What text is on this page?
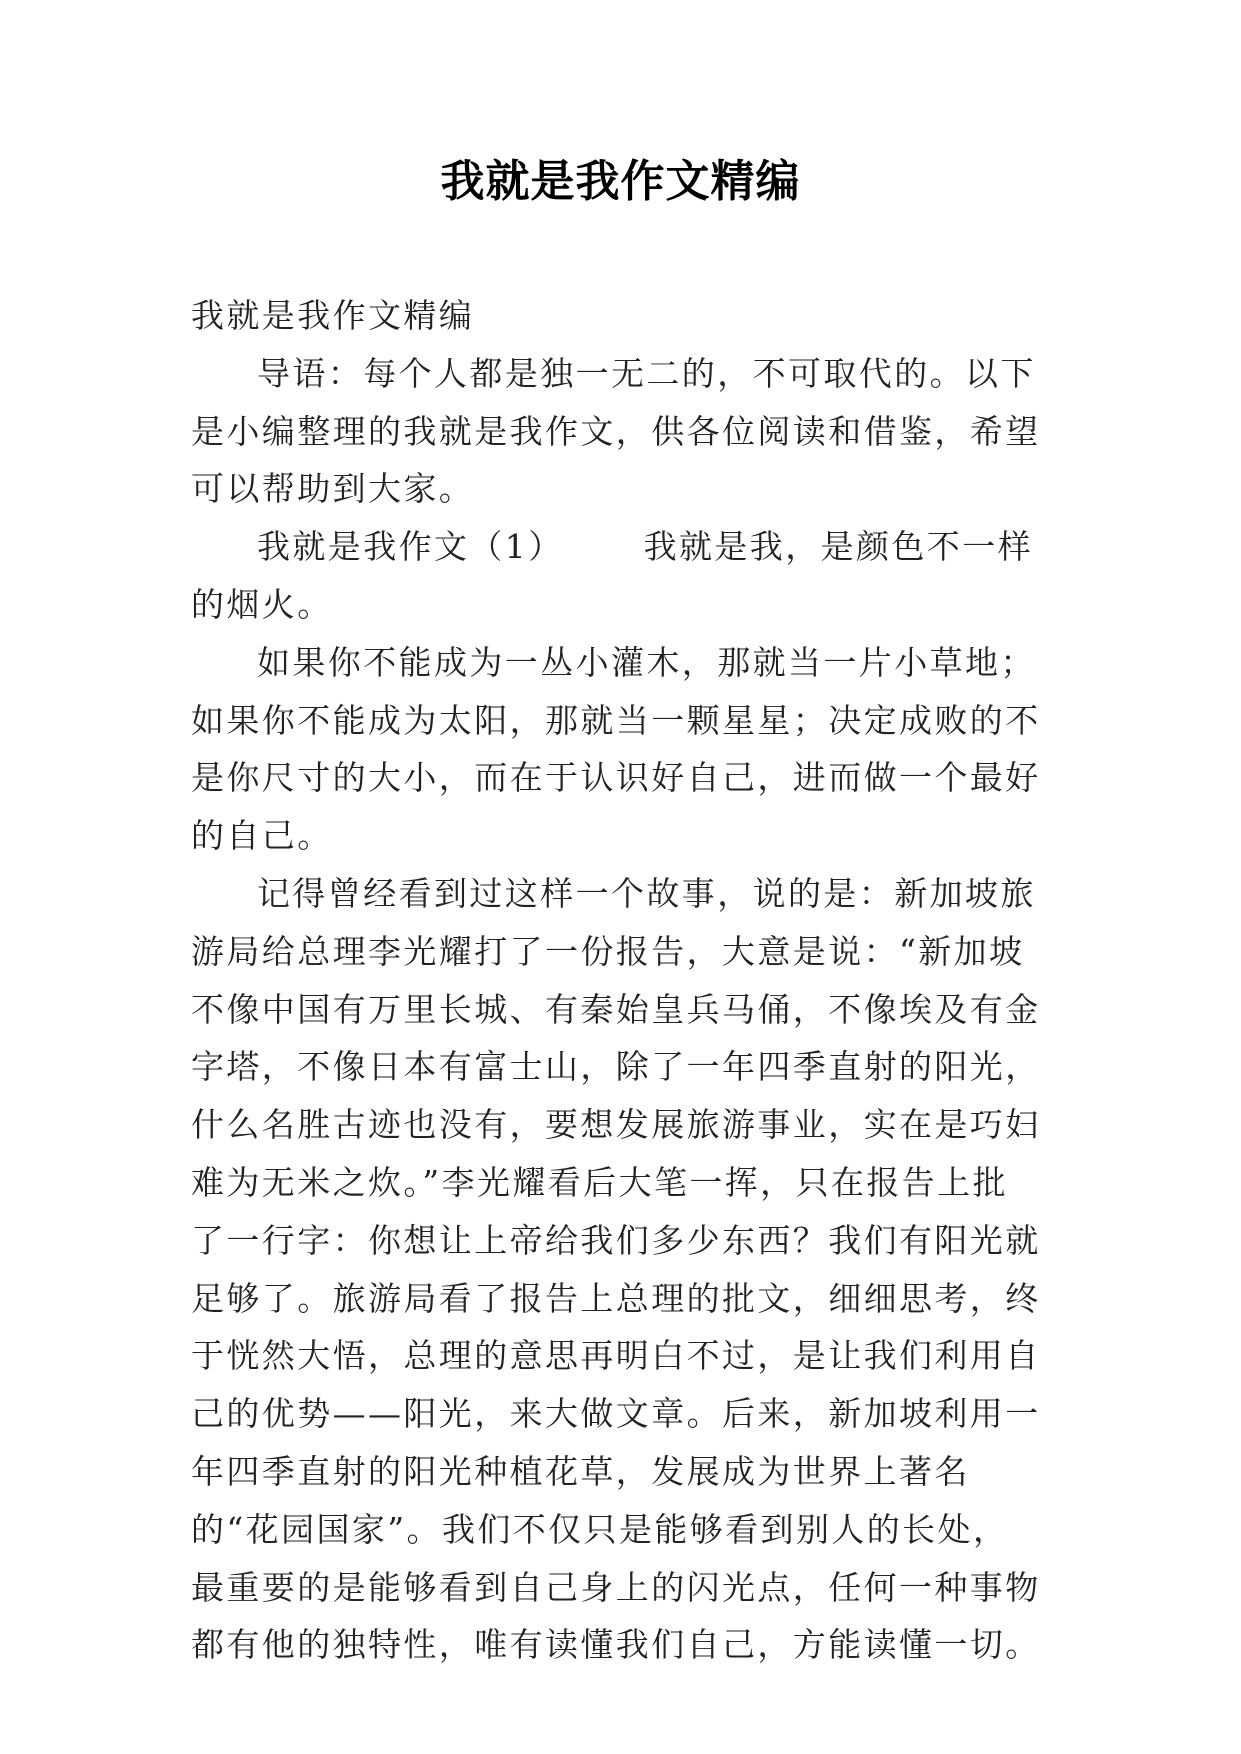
我就是我作文精编

我就是我作文精编

导语：每个人都是独一无二的，不可取代的。以下是小编整理的我就是我作文，供各位阅读和借鉴，希望可以帮助到大家。

我就是我作文（1） 我就是我，是颜色不一样的烟火。

如果你不能成为一丛小灌木，那就当一片小草地；如果你不能成为太阳，那就当一颗星星；决定成败的不是你尺寸的大小，而在于认识好自己，进而做一个最好的自己。

记得曾经看到过这样一个故事，说的是：新加坡旅游局给总理李光耀打了一份报告，大意是说：“新加坡不像中国有万里长城、有秦始皇兵马俑，不像埃及有金字塔，不像日本有富士山，除了一年四季直射的阳光，什么名胜古迹也没有，要想发展旅游事业，实在是巧妇难为无米之炊。”李光耀看后大笔一挥，只在报告上批了一行字：你想让上帝给我们多少东西？我们有阳光就足够了。旅游局看了报告上总理的批文，细细思考，终于恍然大悟，总理的意思再明白不过，是让我们利用自己的优势——阳光，来大做文章。后来，新加坡利用一年四季直射的阳光种植花草，发展成为世界上著名的“花园国家”。我们不仅只是能够看到别人的长处，最重要的是能够看到自己身上的闪光点，任何一种事物都有他的独特性，唯有读懂我们自己，方能读懂一切。
